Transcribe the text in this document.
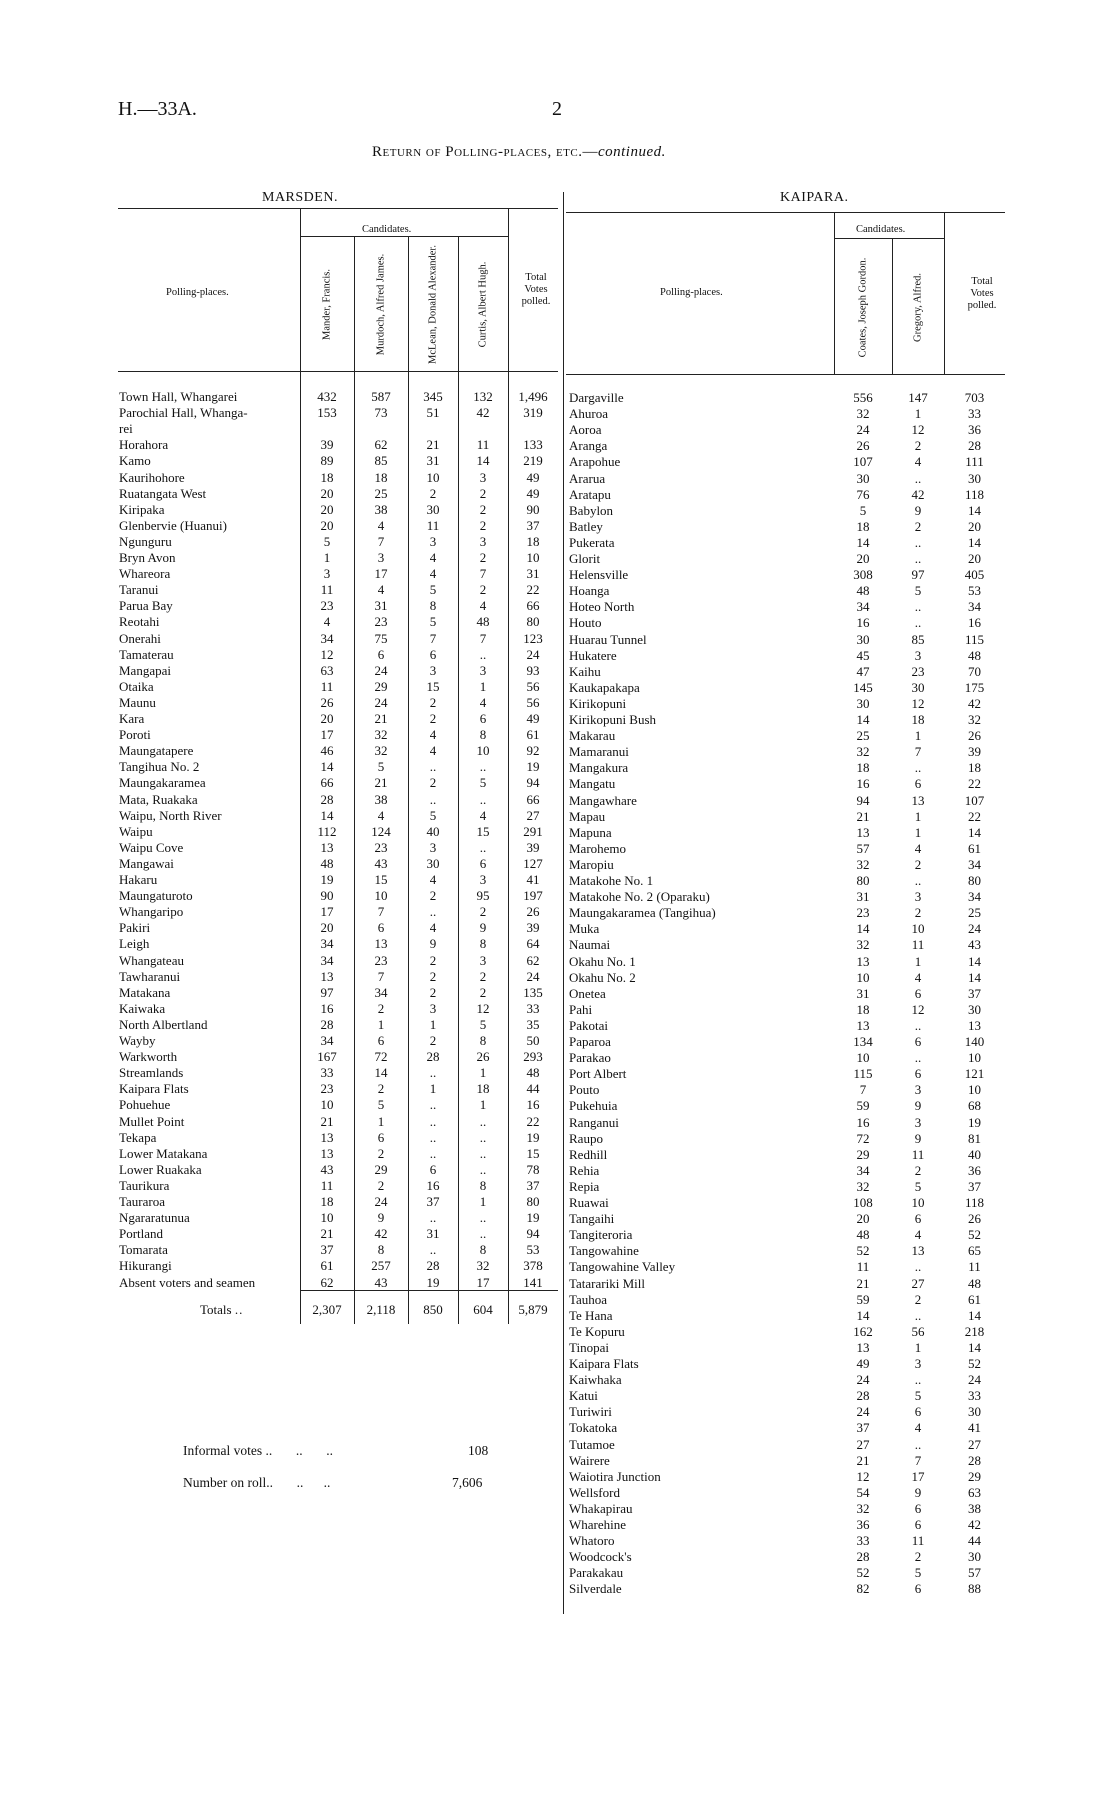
H.—33A.	2
Return of Polling-places, etc.—continued.
MARSDEN.	KAIPARA.
Polling-places.
Candidates.
Total Votes polled.
Polling-places.
Candidates.
Total Votes polled.
Mander, Francis.	Murdoch, Alfred James.	McLean, Donald Alexander.	Curtis, Albert Hugh.	Coates, Joseph Gordon.	Gregory, Alfred.
Town Hall, Whangarei	432	587	345	132	1,496
Parochial Hall, Whanga-	153	73	51	42	319
rei
Horahora	39	62	21	11	133
Kamo	89	85	31	14	219
Kaurihohore	18	18	10	3	49
Ruatangata West	20	25	2	2	49
Kiripaka	20	38	30	2	90
Glenbervie (Huanui)	20	4	11	2	37
Ngunguru	5	7	3	3	18
Bryn Avon	1	3	4	2	10
Whareora	3	17	4	7	31
Taranui	11	4	5	2	22
Parua Bay	23	31	8	4	66
Reotahi	4	23	5	48	80
Onerahi	34	75	7	7	123
Tamaterau	12	6	6	..	24
Mangapai	63	24	3	3	93
Otaika	11	29	15	1	56
Maunu	26	24	2	4	56
Kara	20	21	2	6	49
Poroti	17	32	4	8	61
Maungatapere	46	32	4	10	92
Tangihua No. 2	14	5	..	..	19
Maungakaramea	66	21	2	5	94
Mata, Ruakaka	28	38	..	..	66
Waipu, North River	14	4	5	4	27
Waipu	112	124	40	15	291
Waipu Cove	13	23	3	..	39
Mangawai	48	43	30	6	127
Hakaru	19	15	4	3	41
Maungaturoto	90	10	2	95	197
Whangaripo	17	7	..	2	26
Pakiri	20	6	4	9	39
Leigh	34	13	9	8	64
Whangateau	34	23	2	3	62
Tawharanui	13	7	2	2	24
Matakana	97	34	2	2	135
Kaiwaka	16	2	3	12	33
North Albertland	28	1	1	5	35
Wayby	34	6	2	8	50
Warkworth	167	72	28	26	293
Streamlands	33	14	..	1	48
Kaipara Flats	23	2	1	18	44
Pohuehue	10	5	..	1	16
Mullet Point	21	1	..	..	22
Tekapa	13	6	..	..	19
Lower Matakana	13	2	..	..	15
Lower Ruakaka	43	29	6	..	78
Taurikura	11	2	16	8	37
Tauraroa	18	24	37	1	80
Ngararatunua	10	9	..	..	19
Portland	21	42	31	..	94
Tomarata	37	8	..	8	53
Hikurangi	61	257	28	32	378
Absent voters and seamen	62	43	19	17	141
Dargaville	556	147	703
Ahuroa	32	1	33
Aoroa	24	12	36
Aranga	26	2	28
Arapohue	107	4	111
Ararua	30	..	30
Aratapu	76	42	118
Babylon	5	9	14
Batley	18	2	20
Pukerata	14	..	14
Glorit	20	..	20
Helensville	308	97	405
Hoanga	48	5	53
Hoteo North	34	..	34
Houto	16	..	16
Huarau Tunnel	30	85	115
Hukatere	45	3	48
Kaihu	47	23	70
Kaukapakapa	145	30	175
Kirikopuni	30	12	42
Kirikopuni Bush	14	18	32
Makarau	25	1	26
Mamaranui	32	7	39
Mangakura	18	..	18
Mangatu	16	6	22
Mangawhare	94	13	107
Mapau	21	1	22
Mapuna	13	1	14
Marohemo	57	4	61
Maropiu	32	2	34
Matakohe No. 1	80	..	80
Matakohe No. 2 (Oparaku)	31	3	34
Maungakaramea (Tangihua)	23	2	25
Muka	14	10	24
Naumai	32	11	43
Okahu No. 1	13	1	14
Okahu No. 2	10	4	14
Onetea	31	6	37
Pahi	18	12	30
Pakotai	13	..	13
Paparoa	134	6	140
Parakao	10	..	10
Port Albert	115	6	121
Pouto	7	3	10
Pukehuia	59	9	68
Ranganui	16	3	19
Raupo	72	9	81
Redhill	29	11	40
Rehia	34	2	36
Repia	32	5	37
Ruawai	108	10	118
Tangaihi	20	6	26
Tangiteroria	48	4	52
Tangowahine	52	13	65
Tangowahine Valley	11	..	11
Tatarariki Mill	21	27	48
Tauhoa	59	2	61
Te Hana	14	..	14
Te Kopuru	162	56	218
Tinopai	13	1	14
Kaipara Flats	49	3	52
Kaiwhaka	24	..	24
Katui	28	5	33
Turiwiri	24	6	30
Tokatoka	37	4	41
Tutamoe	27	..	27
Wairere	21	7	28
Waiotira Junction	12	17	29
Wellsford	54	9	63
Whakapirau	32	6	38
Wharehine	36	6	42
Whatoro	33	11	44
Woodcock's	28	2	30
Parakakau	52	5	57
Silverdale	82	6	88
Totals ..	2,307	2,118	850	604	5,879
Informal votes ..       ..       ..	108
Number on roll..       ..      ..	7,606
